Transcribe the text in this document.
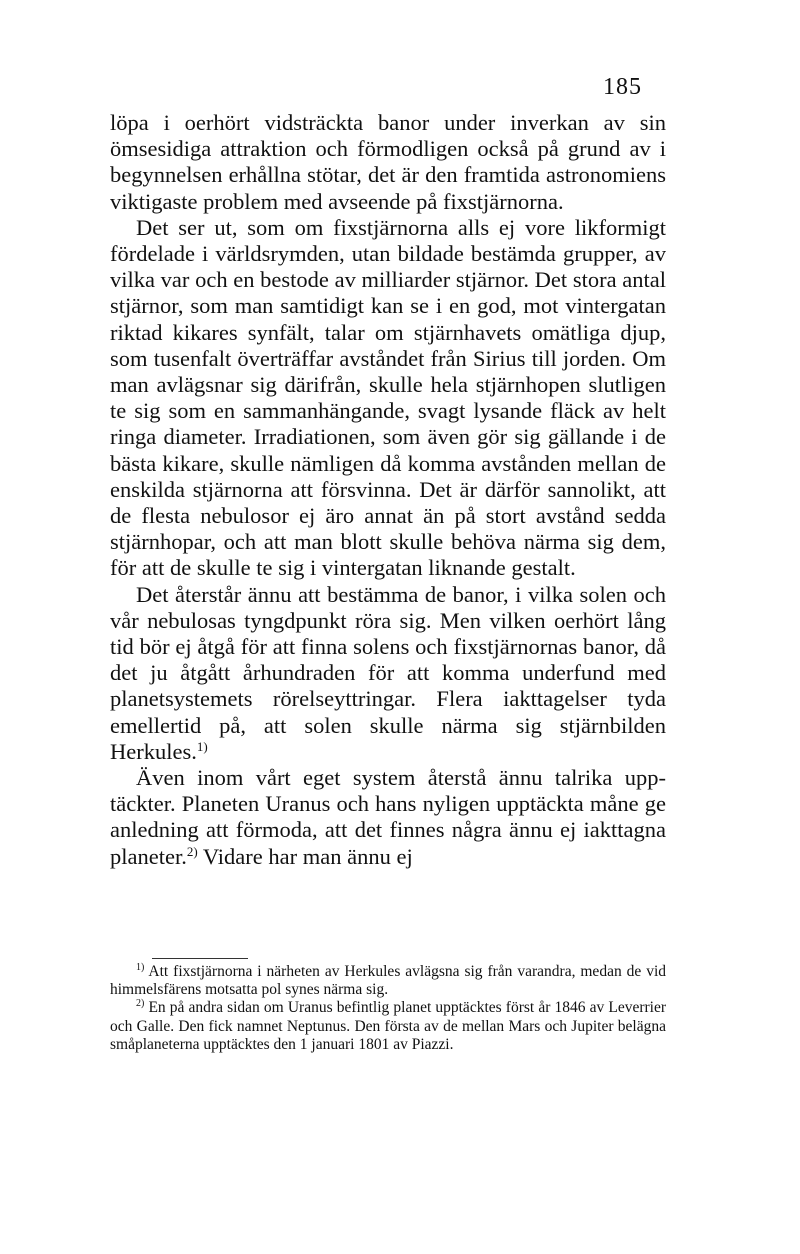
185

löpa i oerhört vidsträckta banor under inverkan av sin ömsesidiga attraktion och förmodligen också på grund av i begynnelsen erhållna stötar, det är den framtida astronomiens viktigaste problem med avseende på fixstjärnorna.

Det ser ut, som om fixstjärnorna alls ej vore likformigt fördelade i världsrymden, utan bildade bestämda grupper, av vilka var och en bestode av milliarder stjärnor. Det stora antal stjärnor, som man samtidigt kan se i en god, mot vintergatan riktad kikares synfält, talar om stjärnhavets omätliga djup, som tusenfalt överträffar avståndet från Sirius till jorden. Om man avlägsnar sig därifrån, skulle hela stjärnhopen slutligen te sig som en sammanhängande, svagt lysande fläck av helt ringa diameter. Irradiationen, som även gör sig gällande i de bästa kikare, skulle nämligen då komma avstånden mellan de enskilda stjärnorna att försvinna. Det är därför sannolikt, att de flesta nebulosor ej äro annat än på stort avstånd sedda stjärnhopar, och att man blott skulle behöva närma sig dem, för att de skulle te sig i vintergatan liknande gestalt.

Det återstår ännu att bestämma de banor, i vilka solen och vår nebulosas tyngdpunkt röra sig. Men vilken oerhört lång tid bör ej åtgå för att finna solens och fixstjärnornas banor, då det ju åtgått århundraden för att komma underfund med planetsystemets rörelseyttringar. Flera iakttagelser tyda emellertid på, att solen skulle närma sig stjärnbilden Herkules.$^{1)}$

Även inom vårt eget system återstå ännu talrika upptäckter. Planeten Uranus och hans nyligen upptäckta måne ge anledning att förmoda, att det finnes några ännu ej iakttagna planeter.$^{2)}$ Vidare har man ännu ej

$^{1)}$ Att fixstjärnorna i närheten av Herkules avlägsna sig från varandra, medan de vid himmelsfärens motsatta pol synes närma sig.

$^{2)}$ En på andra sidan om Uranus befintlig planet upptäcktes först år 1846 av Leverrier och Galle. Den fick namnet Neptunus. Den första av de mellan Mars och Jupiter belägna småplaneterna upptäcktes den 1 januari 1801 av Piazzi.
